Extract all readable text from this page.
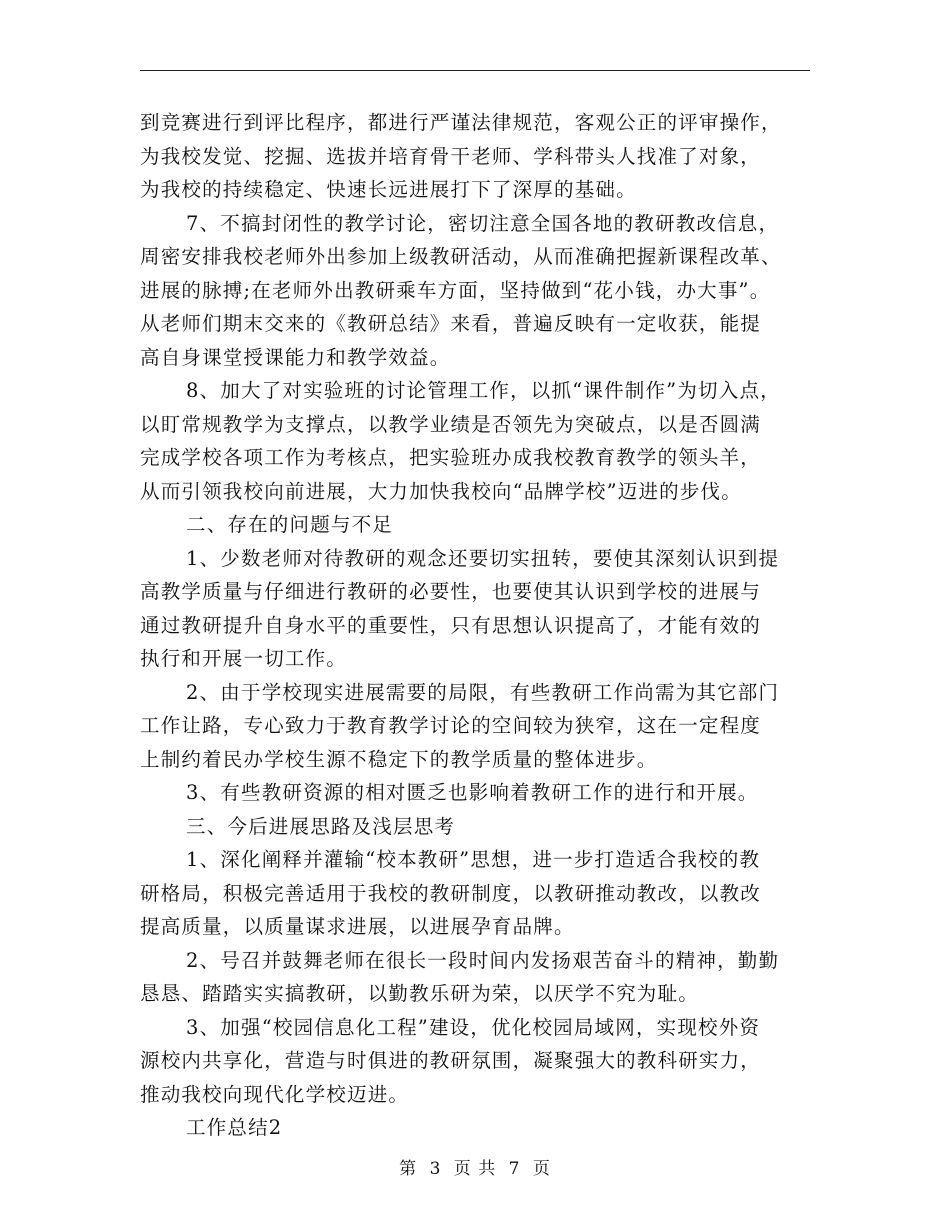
到竞赛进行到评比程序，都进行严谨法律规范，客观公正的评审操作，
为我校发觉、挖掘、选拔并培育骨干老师、学科带头人找准了对象，
为我校的持续稳定、快速长远进展打下了深厚的基础。
7、不搞封闭性的教学讨论，密切注意全国各地的教研教改信息，
周密安排我校老师外出参加上级教研活动，从而准确把握新课程改革、
进展的脉搏;在老师外出教研乘车方面，坚持做到“花小钱，办大事”。
从老师们期末交来的《教研总结》来看，普遍反映有一定收获，能提
高自身课堂授课能力和教学效益。
8、加大了对实验班的讨论管理工作，以抓“课件制作”为切入点，
以盯常规教学为支撑点，以教学业绩是否领先为突破点，以是否圆满
完成学校各项工作为考核点，把实验班办成我校教育教学的领头羊，
从而引领我校向前进展，大力加快我校向“品牌学校”迈进的步伐。
二、存在的问题与不足
1、少数老师对待教研的观念还要切实扭转，要使其深刻认识到提
高教学质量与仔细进行教研的必要性，也要使其认识到学校的进展与
通过教研提升自身水平的重要性，只有思想认识提高了，才能有效的
执行和开展一切工作。
2、由于学校现实进展需要的局限，有些教研工作尚需为其它部门
工作让路，专心致力于教育教学讨论的空间较为狭窄，这在一定程度
上制约着民办学校生源不稳定下的教学质量的整体进步。
3、有些教研资源的相对匮乏也影响着教研工作的进行和开展。
三、今后进展思路及浅层思考
1、深化阐释并灌输“校本教研”思想，进一步打造适合我校的教
研格局，积极完善适用于我校的教研制度，以教研推动教改，以教改
提高质量，以质量谋求进展，以进展孕育品牌。
2、号召并鼓舞老师在很长一段时间内发扬艰苦奋斗的精神，勤勤
恳恳、踏踏实实搞教研，以勤教乐研为荣，以厌学不究为耻。
3、加强“校园信息化工程”建设，优化校园局域网，实现校外资
源校内共享化，营造与时俱进的教研氛围，凝聚强大的教科研实力，
推动我校向现代化学校迈进。
工作总结2
第 3 页 共 7 页
